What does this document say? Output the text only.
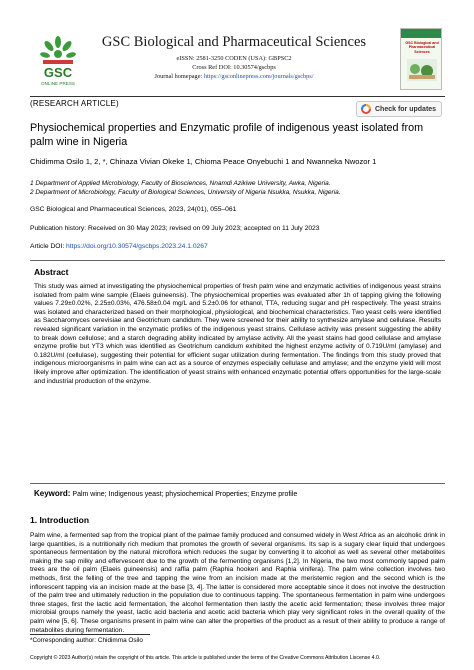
GSC
ONLINE PRESS
GSC Biological and Pharmaceutical Sciences
eISSN: 2581-3250 CODEN (USA): GBPSC2
Cross Ref DOI: 10.30574/gscbps
Journal homepage: https://gsconlinepress.com/journals/gscbps/
GSC Biological and Pharmaceutical Sciences
(RESEARCH ARTICLE)
Check for updates
Physiochemical properties and Enzymatic profile of indigenous yeast isolated from palm wine in Nigeria
Chidimma Osilo 1, 2, *, Chinaza Vivian Okeke 1, Chioma Peace Onyebuchi 1 and Nwanneka Nwozor 1
1 Department of Applied Microbiology, Faculty of Biosciences, Nnamdi Azikiwe University, Awka, Nigeria.
2 Department of Microbiology, Faculty of Biological Sciences, University of Nigeria Nsukka, Nsukka, Nigeria.
GSC Biological and Pharmaceutical Sciences, 2023, 24(01), 055–061
Publication history: Received on 30 May 2023; revised on 09 July 2023; accepted on 11 July 2023
Article DOI: https://doi.org/10.30574/gscbps.2023.24.1.0267
Abstract
This study was aimed at investigating the physiochemical properties of fresh palm wine and enzymatic activities of indigenous yeast strains isolated from palm wine sample (Elaeis guineensis). The physiochemical properties was evaluated after 1h of tapping giving the following values 7.29±0.02%, 2.25±0.03%, 476.58±0.04 mg/L and 5.2±0.06 for ethanol, TTA, reducing sugar and pH respectively. The yeast strains was isolated and characterized based on their morphological, physiological, and biochemical characteristics. Two yeast cells were identified as Saccharomyces cerevisiae and Geotrichum candidum. They were screened for their ability to synthesize amylase and cellulase. Results revealed significant variation in the enzymatic profiles of the indigenous yeast strains. Cellulase activity was present suggesting the ability to break down cellulose; and a starch degrading ability indicated by amylase activity. All the yeast stains had good cellulase and amylase enzyme profile but YT3 which was identified as Geotrichum candidum exhibited the highest enzyme activity of 0.719U/ml (amylase) and 0.182U/ml (cellulase), suggesting their potential for efficient sugar utilization during fermentation. The findings from this study proved that indigenous microorganisms in palm wine can act as a source of enzymes especially cellulase and amylase; and the enzyme yield will most likely improve after optimization. The identification of yeast strains with enhanced enzymatic potential offers opportunities for the large-scale and industrial production of the enzyme.
Keyword: Palm wine; Indigenous yeast; physiochemical Properties; Enzyme profile
1. Introduction
Palm wine, a fermented sap from the tropical plant of the palmae family produced and consumed widely in West Africa as an alcoholic drink in large quantities, is a nutritionally rich medium that promotes the growth of several organisms. Its sap is a sugary clear liquid that undergoes spontaneous fermentation by the natural microflora which reduces the sugar by converting it to alcohol as well as several other metabolites making the sap milky and effervescent due to the growth of the fermenting organisms [1,2]. In Nigeria, the two most commonly tapped palm trees are the oil palm (Elaeis guineensis) and raffia palm (Raphia hookeri and Raphia vinifera). The palm wine collection involves two methods, first the felling of the tree and tapping the wine from an incision made at the meristemic region and the second which is the inflorescent tapping via an incision made at the base [3, 4]. The latter is considered more acceptable since it does not involve the destruction of the palm tree and ultimately reduction in the population due to continuous tapping. The spontaneous fermentation in palm wine undergoes three stages, first the lactic acid fermentation, the alcohol fermentation then lastly the acetic acid fermentation; these involves three major microbial groups namely the yeast, lactic acid bacteria and acetic acid bacteria which play very significant roles in the overall quality of the palm wine [5, 6]. These organisms present in palm wine can alter the properties of the product as a result of their ability to produce a range of metabolites during fermentation.
*Corresponding author: Chidimma Osilo
Copyright © 2023 Author(s) retain the copyright of this article. This article is published under the terms of the Creative Commons Attribution Liscense 4.0.
